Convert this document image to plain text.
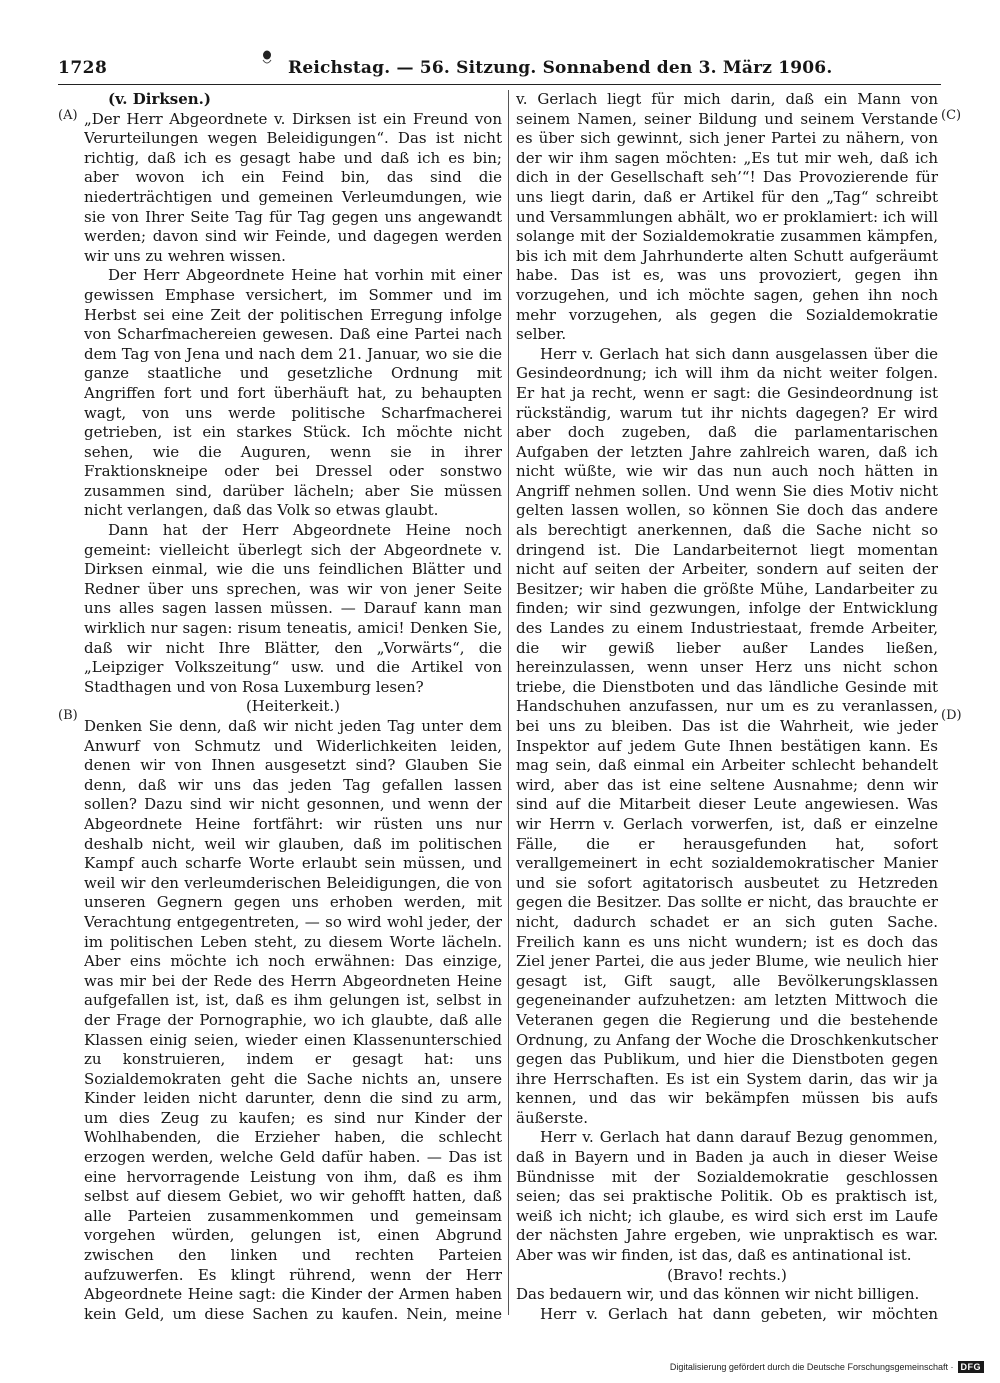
1728	Reichstag. — 56. Sitzung. Sonnabend den 3. März 1906.
(A)
(B)
(C)
(D)

(v. Dirksen.)

„Der Herr Abgeordnete v. Dirksen ist ein Freund von Verurteilungen wegen Beleidigungen“. Das ist nicht richtig, daß ich es gesagt habe und daß ich es bin; aber wovon ich ein Feind bin, das sind die niederträchtigen und gemeinen Verleumdungen, wie sie von Ihrer Seite Tag für Tag gegen uns angewandt werden; davon sind wir Feinde, und dagegen werden wir uns zu wehren wissen.

Der Herr Abgeordnete Heine hat vorhin mit einer gewissen Emphase versichert, im Sommer und im Herbst sei eine Zeit der politischen Erregung infolge von Scharfmachereien gewesen. Daß eine Partei nach dem Tag von Jena und nach dem 21. Januar, wo sie die ganze staatliche und gesetzliche Ordnung mit Angriffen fort und fort überhäuft hat, zu behaupten wagt, von uns werde politische Scharfmacherei getrieben, ist ein starkes Stück. Ich möchte nicht sehen, wie die Auguren, wenn sie in ihrer Fraktionskneipe oder bei Dressel oder sonstwo zusammen sind, darüber lächeln; aber Sie müssen nicht verlangen, daß das Volk so etwas glaubt.

Dann hat der Herr Abgeordnete Heine noch gemeint: vielleicht überlegt sich der Abgeordnete v. Dirksen einmal, wie die uns feindlichen Blätter und Redner über uns sprechen, was wir von jener Seite uns alles sagen lassen müssen. — Darauf kann man wirklich nur sagen: risum teneatis, amici! Denken Sie, daß wir nicht Ihre Blätter, den „Vorwärts“, die „Leipziger Volkszeitung“ usw. und die Artikel von Stadthagen und von Rosa Luxemburg lesen?

(Heiterkeit.)

Denken Sie denn, daß wir nicht jeden Tag unter dem Anwurf von Schmutz und Widerlichkeiten leiden, denen wir von Ihnen ausgesetzt sind? Glauben Sie denn, daß wir uns das jeden Tag gefallen lassen sollen? Dazu sind wir nicht gesonnen, und wenn der Abgeordnete Heine fortfährt: wir rüsten uns nur deshalb nicht, weil wir glauben, daß im politischen Kampf auch scharfe Worte erlaubt sein müssen, und weil wir den verleumderischen Beleidigungen, die von unseren Gegnern gegen uns erhoben werden, mit Verachtung entgegentreten, — so wird wohl jeder, der im politischen Leben steht, zu diesem Worte lächeln. Aber eins möchte ich noch erwähnen: Das einzige, was mir bei der Rede des Herrn Abgeordneten Heine aufgefallen ist, ist, daß es ihm gelungen ist, selbst in der Frage der Pornographie, wo ich glaubte, daß alle Klassen einig seien, wieder einen Klassenunterschied zu konstruieren, indem er gesagt hat: uns Sozialdemokraten geht die Sache nichts an, unsere Kinder leiden nicht darunter, denn die sind zu arm, um dies Zeug zu kaufen; es sind nur Kinder der Wohlhabenden, die Erzieher haben, die schlecht erzogen werden, welche Geld dafür haben. — Das ist eine hervorragende Leistung von ihm, daß es ihm selbst auf diesem Gebiet, wo wir gehofft hatten, daß alle Parteien zusammenkommen und gemeinsam vorgehen würden, gelungen ist, einen Abgrund zwischen den linken und rechten Parteien aufzuwerfen. Es klingt rührend, wenn der Herr Abgeordnete Heine sagt: die Kinder der Armen haben kein Geld, um diese Sachen zu kaufen. Nein, meine

v. Gerlach liegt für mich darin, daß ein Mann von seinem Namen, seiner Bildung und seinem Verstande es über sich gewinnt, sich jener Partei zu nähern, von der wir ihm sagen möchten: „Es tut mir weh, daß ich dich in der Gesellschaft seh’“! Das Provozierende für uns liegt darin, daß er Artikel für den „Tag“ schreibt und Versammlungen abhält, wo er proklamiert: ich will solange mit der Sozialdemokratie zusammen kämpfen, bis ich mit dem Jahrhunderte alten Schutt aufgeräumt habe. Das ist es, was uns provoziert, gegen ihn vorzugehen, und ich möchte sagen, gehen ihn noch mehr vorzugehen, als gegen die Sozialdemokratie selber.

Herr v. Gerlach hat sich dann ausgelassen über die Gesindeordnung; ich will ihm da nicht weiter folgen. Er hat ja recht, wenn er sagt: die Gesindeordnung ist rückständig, warum tut ihr nichts dagegen? Er wird aber doch zugeben, daß die parlamentarischen Aufgaben der letzten Jahre zahlreich waren, daß ich nicht wüßte, wie wir das nun auch noch hätten in Angriff nehmen sollen. Und wenn Sie dies Motiv nicht gelten lassen wollen, so können Sie doch das andere als berechtigt anerkennen, daß die Sache nicht so dringend ist. Die Landarbeiternot liegt momentan nicht auf seiten der Arbeiter, sondern auf seiten der Besitzer; wir haben die größte Mühe, Landarbeiter zu finden; wir sind gezwungen, infolge der Entwicklung des Landes zu einem Industriestaat, fremde Arbeiter, die wir gewiß lieber außer Landes ließen, hereinzulassen, wenn unser Herz uns nicht schon triebe, die Dienstboten und das ländliche Gesinde mit Handschuhen anzufassen, nur um es zu veranlassen, bei uns zu bleiben. Das ist die Wahrheit, wie jeder Inspektor auf jedem Gute Ihnen bestätigen kann. Es mag sein, daß einmal ein Arbeiter schlecht behandelt wird, aber das ist eine seltene Ausnahme; denn wir sind auf die Mitarbeit dieser Leute angewiesen. Was wir Herrn v. Gerlach vorwerfen, ist, daß er einzelne Fälle, die er herausgefunden hat, sofort verallgemeinert in echt sozialdemokratischer Manier und sie sofort agitatorisch ausbeutet zu Hetzreden gegen die Besitzer. Das sollte er nicht, das brauchte er nicht, dadurch schadet er an sich guten Sache. Freilich kann es uns nicht wundern; ist es doch das Ziel jener Partei, die aus jeder Blume, wie neulich hier gesagt ist, Gift saugt, alle Bevölkerungsklassen gegeneinander aufzuhetzen: am letzten Mittwoch die Veteranen gegen die Regierung und die bestehende Ordnung, zu Anfang der Woche die Droschkenkutscher gegen das Publikum, und hier die Dienstboten gegen ihre Herrschaften. Es ist ein System darin, das wir ja kennen, und das wir bekämpfen müssen bis aufs äußerste.

Herr v. Gerlach hat dann darauf Bezug genommen, daß in Bayern und in Baden ja auch in dieser Weise Bündnisse mit der Sozialdemokratie geschlossen seien; das sei praktische Politik. Ob es praktisch ist, weiß ich nicht; ich glaube, es wird sich erst im Laufe der nächsten Jahre ergeben, wie unpraktisch es war. Aber was wir finden, ist das, daß es antinational ist.

(Bravo! rechts.)

Das bedauern wir, und das können wir nicht billigen.

Herr v. Gerlach hat dann gebeten, wir möchten

Digitalisierung gefördert durch die Deutsche Forschungsgemeinschaft · DFG
